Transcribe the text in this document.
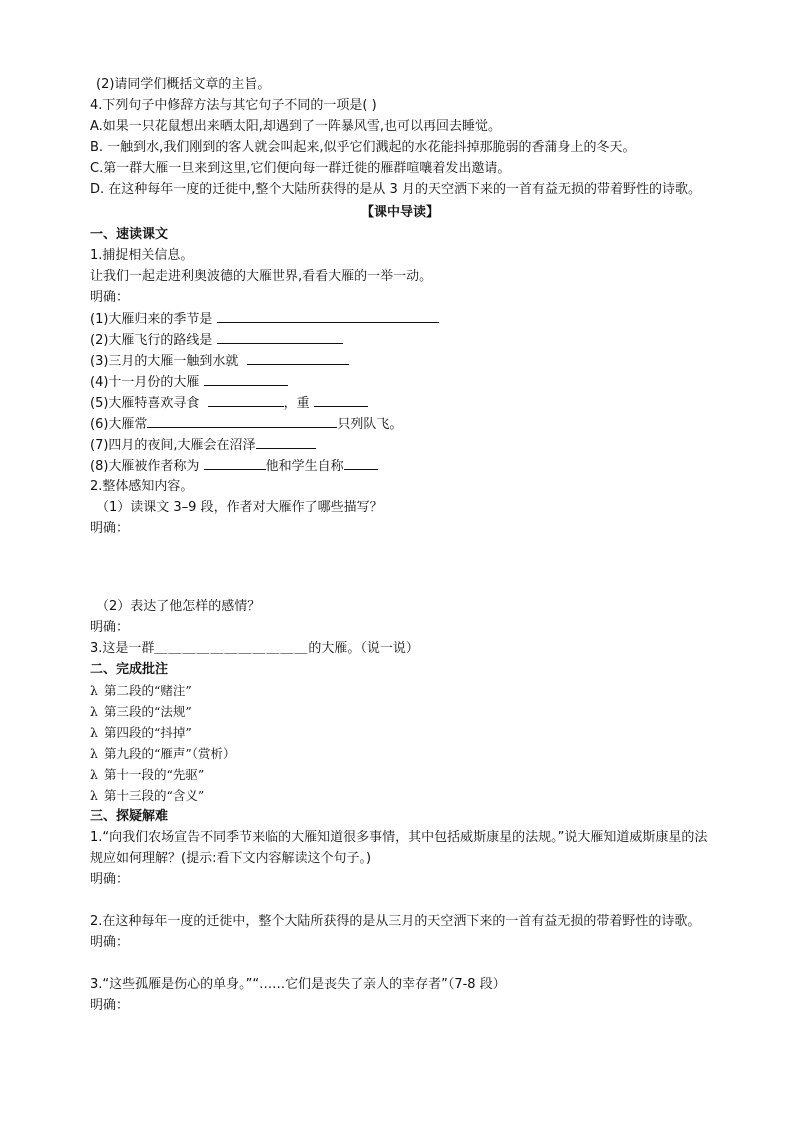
(2)请同学们概括文章的主旨。
4.下列句子中修辞方法与其它句子不同的一项是( )
A.如果一只花鼠想出来晒太阳,却遇到了一阵暴风雪,也可以再回去睡觉。
B. 一触到水,我们刚到的客人就会叫起来,似乎它们溅起的水花能抖掉那脆弱的香蒲身上的冬天。
C.第一群大雁一旦来到这里,它们便向每一群迁徙的雁群喧嚷着发出邀请。
D. 在这种每年一度的迁徙中,整个大陆所获得的是从 3 月的天空洒下来的一首有益无损的带着野性的诗歌。
【课中导读】
一、速读课文
1.捕捉相关信息。
让我们一起走进利奥波德的大雁世界,看看大雁的一举一动。
明确：
(1)大雁归来的季节是
(2)大雁飞行的路线是
(3)三月的大雁一触到水就
(4)十一月份的大雁
(5)大雁特喜欢寻食	，重
(6)大雁常	只列队飞。
(7)四月的夜间,大雁会在沼泽
(8)大雁被作者称为	他和学生自称
2.整体感知内容。
（1）读课文 3–9 段，作者对大雁作了哪些描写？
明确：
（2）表达了他怎样的感情？
明确：
3.这是一群＿＿＿＿＿＿＿＿＿＿＿的大雁。（说一说）
二、完成批注
λ 第二段的“赌注”
λ 第三段的“法规”
λ 第四段的“抖掉”
λ 第九段的“雁声”（赏析）
λ 第十一段的“先驱”
λ 第十三段的“含义”
三、探疑解难
1.“向我们农场宣告不同季节来临的大雁知道很多事情，其中包括威斯康星的法规。”说大雁知道威斯康星的法规应如何理解？(提示:看下文内容解读这个句子。)
明确：
2.在这种每年一度的迁徙中，整个大陆所获得的是从三月的天空洒下来的一首有益无损的带着野性的诗歌。
明确：
3.“这些孤雁是伤心的单身。”“……它们是丧失了亲人的幸存者”（7-8 段）
明确：
